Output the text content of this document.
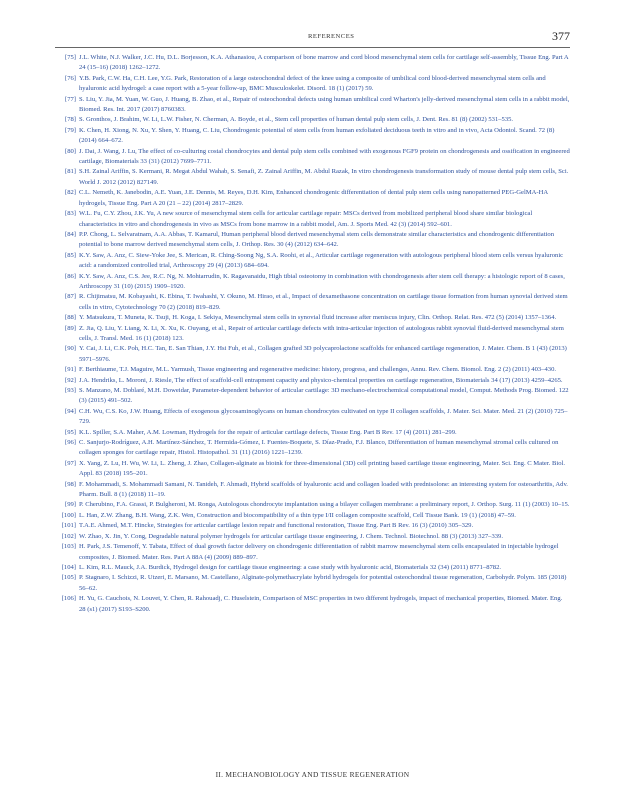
REFERENCES	377
[75] J.L. White, N.J. Walker, J.C. Hu, D.L. Borjesson, K.A. Athanasiou, A comparison of bone marrow and cord blood mesenchymal stem cells for cartilage self-assembly, Tissue Eng. Part A 24 (15–16) (2018) 1262–1272.
[76] Y.B. Park, C.W. Ha, C.H. Lee, Y.G. Park, Restoration of a large osteochondral defect of the knee using a composite of umbilical cord blood-derived mesenchymal stem cells and hyaluronic acid hydrogel: a case report with a 5-year follow-up, BMC Musculoskelet. Disord. 18 (1) (2017) 59.
[77] S. Liu, Y. Jia, M. Yuan, W. Guo, J. Huang, B. Zhao, et al., Repair of osteochondral defects using human umbilical cord Wharton's jelly-derived mesenchymal stem cells in a rabbit model, Biomed. Res. Int. 2017 (2017) 8760383.
[78] S. Gronthos, J. Brahim, W. Li, L.W. Fisher, N. Cherman, A. Boyde, et al., Stem cell properties of human dental pulp stem cells, J. Dent. Res. 81 (8) (2002) 531–535.
[79] K. Chen, H. Xiong, N. Xu, Y. Shen, Y. Huang, C. Liu, Chondrogenic potential of stem cells from human exfoliated deciduous teeth in vitro and in vivo, Acta Odontol. Scand. 72 (8) (2014) 664–672.
[80] J. Dai, J. Wang, J. Lu, The effect of co-culturing costal chondrocytes and dental pulp stem cells combined with exogenous FGF9 protein on chondrogenesis and ossification in engineered cartilage, Biomaterials 33 (31) (2012) 7699–7711.
[81] S.H. Zainal Ariffin, S. Kermani, R. Megat Abdul Wahab, S. Senafi, Z. Zainal Ariffin, M. Abdul Razak, In vitro chondrogenesis transformation study of mouse dental pulp stem cells, Sci. World J. 2012 (2012) 827149.
[82] C.L. Nemeth, K. Janebodin, A.E. Yuan, J.E. Dennis, M. Reyes, D.H. Kim, Enhanced chondrogenic differentiation of dental pulp stem cells using nanopatterned PEG-GelMA-HA hydrogels, Tissue Eng. Part A 20 (21 – 22) (2014) 2817–2829.
[83] W.L. Fu, C.Y. Zhou, J.K. Yu, A new source of mesenchymal stem cells for articular cartilage repair: MSCs derived from mobilized peripheral blood share similar biological characteristics in vitro and chondrogenesis in vivo as MSCs from bone marrow in a rabbit model, Am. J. Sports Med. 42 (3) (2014) 592–601.
[84] P.P. Chong, L. Selvaratnam, A.A. Abbas, T. Kamarul, Human peripheral blood derived mesenchymal stem cells demonstrate similar characteristics and chondrogenic differentiation potential to bone marrow derived mesenchymal stem cells, J. Orthop. Res. 30 (4) (2012) 634–642.
[85] K.Y. Saw, A. Anz, C. Siew-Yoke Jee, S. Merican, R. Ching-Soong Ng, S.A. Roohi, et al., Articular cartilage regeneration with autologous peripheral blood stem cells versus hyaluronic acid: a randomized controlled trial, Arthroscopy 29 (4) (2013) 684–694.
[86] K.Y. Saw, A. Anz, C.S. Jee, R.C. Ng, N. Mohtarrudin, K. Ragavanaidu, High tibial osteotomy in combination with chondrogenesis after stem cell therapy: a histologic report of 8 cases, Arthroscopy 31 (10) (2015) 1909–1920.
[87] R. Chijimatsu, M. Kobayashi, K. Ebina, T. Iwahashi, Y. Okuno, M. Hirao, et al., Impact of dexamethasone concentration on cartilage tissue formation from human synovial derived stem cells in vitro, Cytotechnology 70 (2) (2018) 819–829.
[88] Y. Matsukura, T. Muneta, K. Tsuji, H. Koga, I. Sekiya, Mesenchymal stem cells in synovial fluid increase after meniscus injury, Clin. Orthop. Relat. Res. 472 (5) (2014) 1357–1364.
[89] Z. Jia, Q. Liu, Y. Liang, X. Li, X. Xu, K. Ouyang, et al., Repair of articular cartilage defects with intra-articular injection of autologous rabbit synovial fluid-derived mesenchymal stem cells, J. Transl. Med. 16 (1) (2018) 123.
[90] Y. Cai, J. Li, C.K. Poh, H.C. Tan, E. San Thian, J.Y. Hsi Fuh, et al., Collagen grafted 3D polycaprolactone scaffolds for enhanced cartilage regeneration, J. Mater. Chem. B 1 (43) (2013) 5971–5976.
[91] F. Berthiaume, T.J. Maguire, M.L. Yarmush, Tissue engineering and regenerative medicine: history, progress, and challenges, Annu. Rev. Chem. Biomol. Eng. 2 (2) (2011) 403–430.
[92] J.A. Hendriks, L. Moroni, J. Riesle, The effect of scaffold-cell entrapment capacity and physico-chemical properties on cartilage regeneration, Biomaterials 34 (17) (2013) 4259–4265.
[93] S. Manzano, M. Doblaré, M.H. Doweidar, Parameter-dependent behavior of articular cartilage: 3D mechano-electrochemical computational model, Comput. Methods Prog. Biomed. 122 (3) (2015) 491–502.
[94] C.H. Wu, C.S. Ko, J.W. Huang, Effects of exogenous glycosaminoglycans on human chondrocytes cultivated on type II collagen scaffolds, J. Mater. Sci. Mater. Med. 21 (2) (2010) 725–729.
[95] K.L. Spiller, S.A. Maher, A.M. Lowman, Hydrogels for the repair of articular cartilage defects, Tissue Eng. Part B Rev. 17 (4) (2011) 281–299.
[96] C. Sanjurjo-Rodríguez, A.H. Martínez-Sánchez, T. Hermida-Gómez, I. Fuentes-Boquete, S. Díaz-Prado, F.J. Blanco, Differentiation of human mesenchymal stromal cells cultured on collagen sponges for cartilage repair, Histol. Histopathol. 31 (11) (2016) 1221–1239.
[97] X. Yang, Z. Lu, H. Wu, W. Li, L. Zheng, J. Zhao, Collagen-alginate as bioink for three-dimensional (3D) cell printing based cartilage tissue engineering, Mater. Sci. Eng. C Mater. Biol. Appl. 83 (2018) 195–201.
[98] F. Mohammadi, S. Mohammadi Samani, N. Tanideh, F. Ahmadi, Hybrid scaffolds of hyaluronic acid and collagen loaded with prednisolone: an interesting system for osteoarthritis, Adv. Pharm. Bull. 8 (1) (2018) 11–19.
[99] P. Cherubino, F.A. Grassi, P. Bulgheroni, M. Ronga, Autologous chondrocyte implantation using a bilayer collagen membrane: a preliminary report, J. Orthop. Surg. 11 (1) (2003) 10–15.
[100] L. Han, Z.W. Zhang, B.H. Wang, Z.K. Wen, Construction and biocompatibility of a thin type I/II collagen composite scaffold, Cell Tissue Bank. 19 (1) (2018) 47–59.
[101] T.A.E. Ahmed, M.T. Hincke, Strategies for articular cartilage lesion repair and functional restoration, Tissue Eng. Part B Rev. 16 (3) (2010) 305–329.
[102] W. Zhao, X. Jin, Y. Cong, Degradable natural polymer hydrogels for articular cartilage tissue engineering, J. Chem. Technol. Biotechnol. 88 (3) (2013) 327–339.
[103] H. Park, J.S. Temenoff, Y. Tabata, Effect of dual growth factor delivery on chondrogenic differentiation of rabbit marrow mesenchymal stem cells encapsulated in injectable hydrogel composites, J. Biomed. Mater. Res. Part A 88A (4) (2009) 889–897.
[104] L. Kim, R.L. Mauck, J.A. Burdick, Hydrogel design for cartilage tissue engineering: a case study with hyaluronic acid, Biomaterials 32 (34) (2011) 8771–8782.
[105] P. Stagnaro, I. Schizzi, R. Utzeri, E. Marsano, M. Castellano, Alginate-polymethacrylate hybrid hydrogels for potential osteochondral tissue regeneration, Carbohydr. Polym. 185 (2018) 56–62.
[106] H. Yu, G. Cauchois, N. Louvet, Y. Chen, R. Rahouadj, C. Huselstein, Comparison of MSC properties in two different hydrogels, impact of mechanical properties, Biomed. Mater. Eng. 28 (s1) (2017) S193–S200.
II. MECHANOBIOLOGY AND TISSUE REGENERATION
